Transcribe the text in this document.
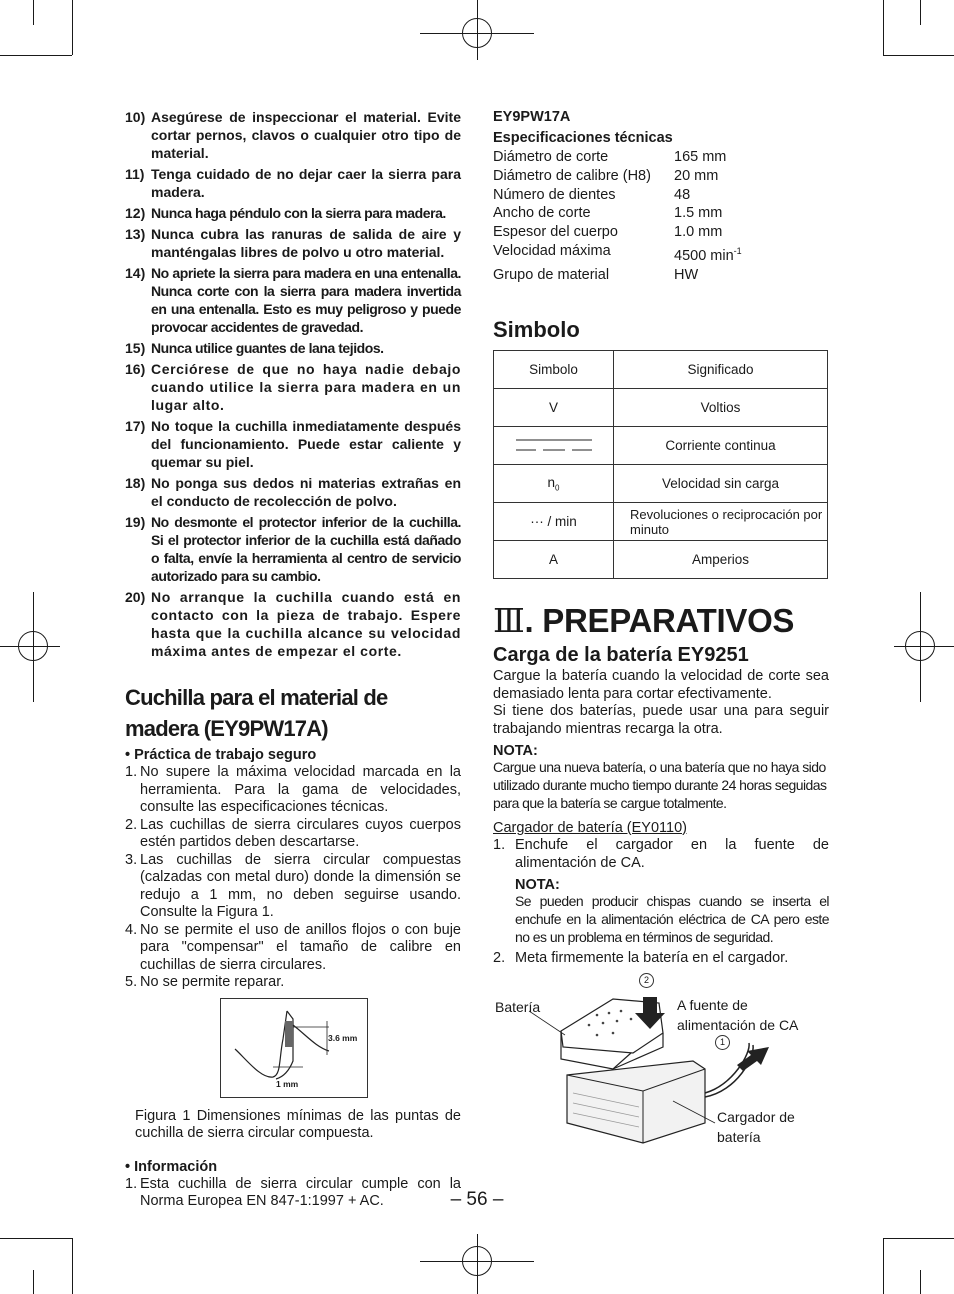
10) Asegúrese de inspeccionar el material. Evite cortar pernos, clavos o cualquier otro tipo de material.
11) Tenga cuidado de no dejar caer la sierra para madera.
12) Nunca haga péndulo con la sierra para madera.
13) Nunca cubra las ranuras de salida de aire y manténgalas libres de polvo u otro material.
14) No apriete la sierra para madera en una entenalla. Nunca corte con la sierra para madera invertida en una entenalla. Esto es muy peligroso y puede provocar accidentes de gravedad.
15) Nunca utilice guantes de lana tejidos.
16) Cerciórese de que no haya nadie debajo cuando utilice la sierra para madera en un lugar alto.
17) No toque la cuchilla inmediatamente después del funcionamiento. Puede estar caliente y quemar su piel.
18) No ponga sus dedos ni materias extrañas en el conducto de recolección de polvo.
19) No desmonte el protector inferior de la cuchilla. Si el protector inferior de la cuchilla está dañado o falta, envíe la herramienta al centro de servicio autorizado para su cambio.
20) No arranque la cuchilla cuando está en contacto con la pieza de trabajo. Espere hasta que la cuchilla alcance su velocidad máxima antes de empezar el corte.
Cuchilla para el material de madera (EY9PW17A)
• Práctica de trabajo seguro
1. No supere la máxima velocidad marcada en la herramienta. Para la gama de velocidades, consulte las especificaciones técnicas.
2. Las cuchillas de sierra circulares cuyos cuerpos estén partidos deben descartarse.
3. Las cuchillas de sierra circular compuestas (calzadas con metal duro) donde la dimensión se redujo a 1 mm, no deben seguirse usando. Consulte la Figura 1.
4. No se permite el uso de anillos flojos o con buje para "compensar" el tamaño de calibre en cuchillas de sierra circulares.
5. No se permite reparar.
3.6 mm
1 mm
Figura 1 Dimensiones mínimas de las puntas de cuchilla de sierra circular compuesta.
• Información
1. Esta cuchilla de sierra circular cumple con la Norma Europea EN 847-1:1997 + AC.
EY9PW17A
Especificaciones técnicas
Diámetro de corte	165 mm
Diámetro de calibre (H8)	20 mm
Número de dientes	48
Ancho de corte	1.5 mm
Espesor del cuerpo	1.0 mm
Velocidad máxima	4500 $\min^{-1}$
Grupo de material	HW
Simbolo
Simbolo	Significado
V	Voltios
	Corriente continua
$n_0$	Velocidad sin carga
··· / min	Revoluciones o reciprocación por minuto
A	Amperios
Ⅲ. PREPARATIVOS
Carga de la batería EY9251
Cargue la batería cuando la velocidad de corte sea demasiado lenta para cortar efectivamente.
Si tiene dos baterías, puede usar una para seguir trabajando mientras recarga la otra.
NOTA:
Cargue una nueva batería, o una batería que no haya sido utilizado durante mucho tiempo durante 24 horas seguidas para que la batería se cargue totalmente.
Cargador de batería (EY0110)
1. Enchufe el cargador en la fuente de alimentación de CA.
NOTA:
Se pueden producir chispas cuando se inserta el enchufe en la alimentación eléctrica de CA pero este no es un problema en términos de seguridad.
2. Meta firmemente la batería en el cargador.
2
1
Batería	A fuente de
alimentación de CA
Cargador de
batería
– 56 –
